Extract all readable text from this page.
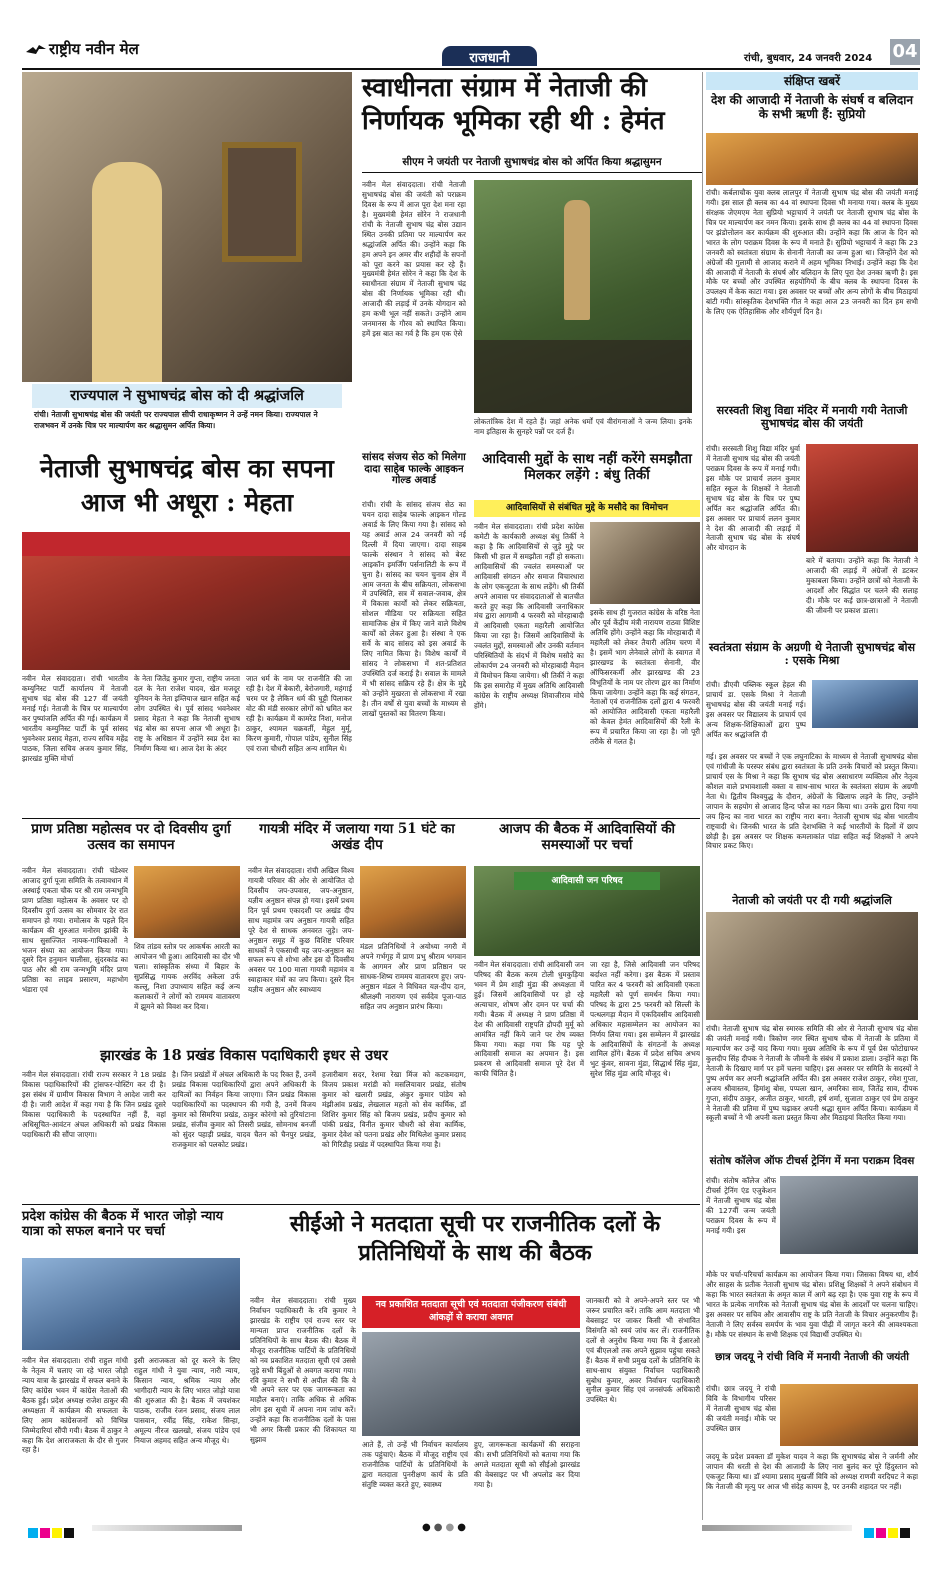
राष्ट्रीय नवीन मेल
राजधानी	रांची, बुधवार, 24 जनवरी 2024 04
राज्यपाल ने सुभाषचंद्र बोस को दी श्रद्धांजलि
रांची। नेताजी सुभाषचंद्र बोस की जयंती पर राज्यपाल सीपी राधाकृष्णन ने उन्हें नमन किया। राज्यपाल ने राजभवन में उनके चित्र पर माल्यार्पण कर श्रद्धासुमन अर्पित किया।
स्वाधीनता संग्राम में नेताजी की निर्णायक भूमिका रही थी : हेमंत
सीएम ने जयंती पर नेताजी सुभाषचंद्र बोस को अर्पित किया श्रद्धासुमन
नवीन मेल संवाददाता। रांची नेताजी सुभाषचंद्र बोस की जयंती को पराक्रम दिवस के रूप में आज पूरा देश मना रहा है। मुख्यमंत्री हेमंत सोरेन ने राजधानी रांची के नेताजी सुभाष चंद्र बोस उद्यान स्थित उनकी प्रतिमा पर माल्यार्पण कर श्रद्धांजलि अर्पित की। उन्होंने कहा कि हम अपने इन अमर वीर शहीदों के सपनों को पूरा करने का प्रयास कर रहे हैं। मुख्यमंत्री हेमंत सोरेन ने कहा कि देश के स्वाधीनता संग्राम में नेताजी सुभाष चंद्र बोस की निर्णायक भूमिका रही थी। आजादी की लड़ाई में उनके योगदान को हम कभी भूल नहीं सकते। उन्होंने आम जनमानस के गौरव को स्थापित किया। हमें इस बात का गर्व है कि हम एक ऐसे
लोकतांत्रिक देश में रहते हैं। जहां अनेक धर्मों एवं वीरांगनाओं ने जन्म लिया। इनके नाम इतिहास के सुनहरे पन्नों पर दर्ज हैं।
संक्षिप्त खबरें
देश की आजादी में नेताजी के संघर्ष व बलिदान के सभी ऋणी हैं: सुप्रियो
रांची। कर्बलाचौक युवा क्लब लालपुर में नेताजी सुभाष चंद्र बोस की जयंती मनाई गयी। इस साल ही क्लब का 44 वां स्थापना दिवस भी मनाया गया। क्लब के मुख्य संरक्षक जेएमएम नेता सुप्रियो भट्टाचार्य ने जयंती पर नेताजी सुभाष चंद्र बोस के चित्र पर माल्यार्पण कर नमन किया। इसके साथ ही क्लब का 44 वां स्थापना दिवस पर झंडोत्तोलन कर कार्यक्रम की शुरुआत की। उन्होंने कहा कि आज के दिन को भारत के लोग पराक्रम दिवस के रूप में मनाते हैं। सुप्रियो भट्टाचार्य ने कहा कि 23 जनवरी को स्वतंत्रता संग्राम के सेनानी नेताजी का जन्म हुआ था। जिन्होंने देश को अंग्रेजों की गुलामी से आजाद कराने में अहम भूमिका निभाई। उन्होंने कहा कि देश की आजादी में नेताजी के संघर्ष और बलिदान के लिए पूरा देश उनका ऋणी है। इस मौके पर बच्चों और उपस्थित सहयोगियों के बीच क्लब के स्थापना दिवस के उपलक्ष्य में केक काटा गया। इस अवसर पर बच्चों और अन्य लोगों के बीच मिठाइयां बांटी गयी। सांस्कृतिक देशभक्ति गीत ने कहा आज 23 जनवरी का दिन हम सभी के लिए एक ऐतिहासिक और शौर्यपूर्ण दिन है।
सरस्वती शिशु विद्या मंदिर में मनायी गयी नेताजी सुभाषचंद्र बोस की जयंती
रांची। सरस्वती शिशु विद्या मंदिर धुर्वा में नेताजी सुभाष चंद्र बोस की जयंती पराक्रम दिवस के रूप में मनाई गयी। इस मौके पर प्राचार्य ललन कुमार सहित स्कूल के शिक्षकों ने नेताजी सुभाष चंद्र बोस के चित्र पर पुष्प अर्पित कर श्रद्धांजलि अर्पित की। इस अवसर पर प्राचार्य ललन कुमार ने देश की आजादी की लड़ाई में नेताजी सुभाष चंद्र बोस के संघर्ष और योगदान के
बारे में बताया। उन्होंने कहा कि नेताजी ने आजादी की लड़ाई में अंग्रेजों से डटकर मुकाबला किया। उन्होंने छात्रों को नेताजी के आदर्शों और सिद्धांत पर चलने की सलाह दी। मौके पर कई छात्र-छात्राओं ने नेताजी की जीवनी पर प्रकाश डाला।
स्वतंत्रता संग्राम के अग्रणी थे नेताजी सुभाषचंद्र बोस : एसके मिश्रा
रांची। डीएवी पब्लिक स्कूल हेहल की प्राचार्य डा. एसके मिश्रा ने नेताजी सुभाषचंद्र बोस की जयंती मनाई गई। इस अवसर पर विद्यालय के प्राचार्य एवं अन्य शिक्षक-शिक्षिकाओं द्वारा पुष्प अर्पित कर श्रद्धांजलि दी
गई। इस अवसर पर बच्चों ने एक लघुनाटिका के माध्यम से नेताजी सुभाषचंद्र बोस एवं गांधीजी के परस्पर संबंध द्वारा स्वतंत्रता के प्रति उनके विचारों को प्रस्तुत किया। प्राचार्य एस के मिश्रा ने कहा कि सुभाष चंद्र बोस असाधारण व्यक्तित्व और नेतृत्व कौशल वाले प्रभावशाली वक्ता व साथ-साथ भारत के स्वतंत्रता संग्राम के अग्रणी नेता थे। द्वितीय विश्वयुद्ध के दौरान, अंग्रेजों के खिलाफ लड़ने के लिए, उन्होंने जापान के सहयोग से आजाद हिन्द फौज का गठन किया था। उनके द्वारा दिया गया जय हिन्द का नारा भारत का राष्ट्रीय नारा बना। नेताजी सुभाष चंद्र बोस भारतीय राष्ट्रवादी थे। जिनकी भारत के प्रति देशभक्ति ने कई भारतीयों के दिलों में छाप छोड़ी है। इस अवसर पर शिक्षक कमलाकांत पांडा सहित कई शिक्षकों ने अपने विचार प्रकट किए।
नेताजी को जयंती पर दी गयी श्रद्धांजलि
रांची। नेताजी सुभाष चंद्र बोस स्मारक समिति की ओर से नेताजी सुभाष चंद्र बोस की जयंती मनाई गयी। त्रिकोण नगर स्थित सुभाष चौक में नेताजी के प्रतिमा में माल्यार्पण कर उन्हें याद किया गया। मुख्य अतिथि के रूप में पूर्व प्रेस फोटोग्राफर कुलदीप सिंह दीपक ने नेताजी के जीवनी के संबंध में प्रकाश डाला। उन्होंने कहा कि नेताजी के दिखाए मार्ग पर हमें चलना चाहिए। इस अवसर पर समिति के सदस्यों ने पुष्प अर्पण कर अपनी श्रद्धांजलि अर्पित की। इस अवसर राजेश ठाकुर, रमेश गुप्ता, अजय श्रीवास्तव, हिमांशु बोस, पप्पला खान, अमरिका साव, जितेंद्र साव, दीपक गुप्ता, संदीप ठाकुर, अजीत ठाकुर, भारती, हर्ष शर्मा, सुजाता ठाकुर एवं प्रेम ठाकुर ने नेताजी की प्रतिमा में पुष्प चढ़ाकर अपनी श्रद्धा सुमन अर्पित किया। कार्यक्रम में स्कूली बच्चों ने भी अपनी कला प्रस्तुत किया और मिठाइयां वितरित किया गया।
संतोष कॉलेज ऑफ टीचर्स ट्रेनिंग में मना पराक्रम दिवस
रांची। संतोष कॉलेज ऑफ टीचर्स ट्रेनिंग एंड एजुकेशन में नेताजी सुभाष चंद्र बोस की 127वीं जन्म जयंती पराक्रम दिवस के रूप में मनाई गयी। इस
मौके पर चर्चा-परिचर्चा कार्यक्रम का आयोजन किया गया। जिसका विषय था, शौर्य और साहस के प्रतीक नेताजी सुभाष चंद्र बोस। प्रशिक्षु शिक्षकों ने अपने संबोधन में कहा कि भारत स्वतंत्रता के अमृत काल में आगे बढ़ रहा है। एक युवा राष्ट्र के रूप में भारत के प्रत्येक नागरिक को नेताजी सुभाष चंद्र बोस के आदर्शों पर चलना चाहिए। इस अवसर पर सचिव और आवासीय राष्ट्र के प्रति नेताजी के विचार अनुकरणीय हैं। नेताजी ने लिए सर्वस्व समर्पण के भाव युवा पीढ़ी में जागृत करने की आवश्यकता है। मौके पर संस्थान के सभी शिक्षक एवं विद्यार्थी उपस्थित थे।
छात्र जदयू ने रांची विवि में मनायी नेताजी की जयंती
रांची। छात्र जदयू ने रांची विवि के विभागीय परिसर में नेताजी सुभाष चंद्र बोस की जयंती मनाई। मौके पर उपस्थित छात्र
जदयू के प्रदेश प्रवक्ता डॉ मुकेश यादव ने कहा कि सुभाषचंद्र बोस ने जर्मनी और जापान की धरती से देश की आजादी के लिए नारा बुलंद कर पूरे हिंदुस्तान को एकजुट किया था। डॉ श्यामा प्रसाद मुखर्जी विवि को अध्यक्ष राणवी वरदिघट ने कहा कि नेताजी की मृत्यु पर आज भी संदेह कायम है, पर उनकी शहादत पर नहीं।
नेताजी सुभाषचंद्र बोस का सपना आज भी अधूरा : मेहता
नवीन मेल संवाददाता। रांची भारतीय कम्युनिस्ट पार्टी कार्यालय में नेताजी सुभाष चंद्र बोस की 127 वीं जयंती मनाई गई। नेताजी के चित्र पर माल्यार्पण कर पुष्पांजलि अर्पित की गई। कार्यक्रम में भारतीय कम्युनिस्ट पार्टी के पूर्व सांसद भुवनेश्वर प्रसाद मेहता, राज्य सचिव महेंद्र पाठक, जिला सचिव अजय कुमार सिंह, झारखंड मुक्ति मोर्चा
के नेता जितेंद्र कुमार गुप्ता, राष्ट्रीय जनता दल के नेता राजेश यादव, खेत मजदूर यूनियन के नेता इम्तियाज खान सहित कई लोग उपस्थित थे। पूर्व सांसद भवनेश्वर प्रसाद मेहता ने कहा कि नेताजी सुभाष चंद्र बोस का सपना आज भी अधूरा है। राष्ट्र के अधिष्ठान में उन्होंने स्वप्न देश का निर्माण किया था। आज देश के अंदर
जात धर्म के नाम पर राजनीति की जा रही है। देश में बेकारी, बेरोजगारी, महंगाई चरम पर है लेकिन धर्म की घुट्टी पिलाकर वोट की मंडी सरकार लोगों को भ्रमित कर रही है। कार्यक्रम में कामरेड निशा, मनोज ठाकुर, श्यामल चक्रवर्ती, मेहुल मुर्मू, किरण कुमारी, गोपाल पांडेय, सुनील सिंह एवं राजा चौधरी सहित अन्य शामिल थे।
सांसद संजय सेठ को मिलेगा दादा साहेब फाल्के आइकन गोल्ड अवार्ड
रांची। रांची के सांसद संजय सेठ का चयन दादा साहेब फाल्के आइकन गोल्ड अवार्ड के लिए किया गया है। सांसद को यह अवार्ड आज 24 जनवरी को नई दिल्ली में दिया जाएगा। दादा साहब फाल्के संस्थान ने सांसद को बेस्ट आइकॉन इमर्जिंग पर्सनालिटी के रूप में चुना है। सांसद का चयन चुनाव क्षेत्र में आम जनता के बीच सक्रियता, लोकसभा में उपस्थिति, सत्र में सवाल-जवाब, क्षेत्र में विकास कार्यों को लेकर सक्रियता, सोशल मीडिया पर सक्रियता सहित सामाजिक क्षेत्र में किए जाने वाले विशेष कार्यों को लेकर हुआ है। संस्था ने एक सर्वे के बाद सांसद को इस अवार्ड के लिए नामित किया है। विशेष कार्यों में सांसद ने लोकसभा में शत-प्रतिशत उपस्थिति दर्ज कराई है। सवाल के मामले में भी सांसद सक्रिय रहे हैं। क्षेत्र के मुद्दे को उन्होंने मुखरता से लोकसभा में रखा है। तीन वर्षों से युवा बच्चों के माध्यम से लाखों पुस्तकों का वितरण किया।
आदिवासी मुद्दों के साथ नहीं करेंगे समझौता मिलकर लड़ेंगे : बंधु तिर्की
आदिवासियों से संबंधित मुद्दे के मसौदे का विमोचन
नवीन मेल संवाददाता। रांची प्रदेश कांग्रेस कमेटी के कार्यकारी अध्यक्ष बंधु तिर्की ने कहा है कि आदिवासियों से जुड़े मुद्दे पर किसी भी हाल में समझौता नहीं हो सकता। आदिवासियों की ज्वलंत समस्याओं पर आदिवासी संगठन और समाज विचारधारा के लोग एकजुटता के साथ लड़ेंगे। श्री तिर्की अपने आवास पर संवाददाताओं से बातचीत करते हुए कहा कि आदिवासी जनाधिकार मंच द्वारा आगामी 4 फरवरी को मोरहाबादी में आदिवासी एकता महारैली आयोजित किया जा रहा है। जिसमें आदिवासियों के ज्वलंत मुद्दों, समस्याओं और उनकी वर्तमान परिस्थितियों के संदर्भ में विशेष मसौदे का लोकार्पण 24 जनवरी को मोरहाबादी मैदान में विमोचन किया जायेगा। श्री तिर्की ने कहा कि इस समारोह में मुख्य अतिथि आदिवासी कांग्रेस के राष्ट्रीय अध्यक्ष शिवाजीराव मोघे होंगे।
इसके साथ ही गुजरात कांग्रेस के वरिष्ठ नेता और पूर्व केंद्रीय मंत्री नारायण राठवा विशिष्ट अतिथि होंगे। उन्होंने कहा कि मोरहाबादी में महारैली को लेकर तैयारी अंतिम चरण में है। इसमें भाग लेनेवाले लोगों के स्वागत में झारखण्ड के स्वतंत्रता सेनानी, वीर ऑफिसरकर्मी और झारखण्ड की 23 विभूतियों के नाम पर तोरण द्वार का निर्माण किया जायेगा। उन्होंने कहा कि कई संगठन, नेताओं एवं राजनीतिक दलों द्वारा 4 फरवरी को आयोजित आदिवासी एकता महारैली को केवल हेमंत आदिवासियों की रैली के रूप में प्रचारित किया जा रहा है। जो पूरी तरीके से गलत है।
प्राण प्रतिष्ठा महोत्सव पर दो दिवसीय दुर्गा उत्सव का समापन
नवीन मेल संवाददाता। रांची चंडेश्वर आजाद दुर्गा पूजा समिति के तत्वावधान में अस्थाई एकता चौक पर श्री राम जन्मभूमि प्राण प्रतिष्ठा महोत्सव के अवसर पर दो दिवसीय दुर्गा उत्सव का सोमवार देर रात समापन हो गया। रामोत्सव के पहले दिन कार्यक्रम की शुरुआत मनोरम झांकी के साथ सुसज्जित नायक-गायिकाओं ने भजन संध्या का आयोजन किया गया। दूसरे दिन हनुमान चालीसा, सुंदरकांड का पाठ और श्री राम जन्मभूमि मंदिर प्राण प्रतिष्ठा का लाइव प्रसारण, महाभोग भंडारा एवं
शिव तांडव स्तोत्र पर आकर्षक आरती का आयोजन भी हुआ। आदिवासी का दौर भी चला। सांस्कृतिक संध्या में बिहार के सुप्रसिद्ध गायक अरविंद अकेला उर्फ कल्लू, निशा उपाध्याय सहित कई अन्य कलाकारों ने लोगों को राममय वातावरण में झूमने को विवश कर दिया।
गायत्री मंदिर में जलाया गया 51 घंटे का अखंड दीप
नवीन मेल संवाददाता। रांची अखिल विश्व गायत्री परिवार की ओर से आयोजित दो दिवसीय जप-उपवास, जप-अनुष्ठान, यज्ञीय अनुष्ठान संपन्न हो गया। इसमें प्रथम दिन पूर्व प्रथम एकादशी पर अखंड दीप साथ महामंत्र जप अनुष्ठान गायत्री सहित पूरे देश से साधक अनवरत जुड़े। जप-अनुष्ठान समूह में कुछ विशिष्ट परिवार साधकों ने एकसाथी यह जप-अनुष्ठान का सफल रूप से शोभा और इस दो दिवसीय अवसर पर 100 माला गायत्री महामंत्र व स्वाहाकार मंत्रों का जप किया। दूसरे दिन यज्ञीय अनुष्ठान और स्वाध्याय
मंडल प्रतिनिधियों ने अयोध्या नगरी में अपने गर्भगृह में प्राण प्रभु श्रीराम भगवान के आगमन और प्राण प्रतिष्ठान पर साधक-शिष्य राममय वातावरण हुए। जप-अनुष्ठान मंडल ने विधिवत यज्ञ-दीप दान, श्रीलक्ष्मी नारायण एवं सर्वदेव पूजा-पाठ सहित जप अनुष्ठान प्रारंभ किया।
आजप की बैठक में आदिवासियों की समस्याओं पर चर्चा
आदिवासी जन परिषद
नवीन मेल संवाददाता। रांची आदिवासी जन परिषद की बैठक करम टोली धुमकुड़िया भवन में प्रेम शाही मुंडा की अध्यक्षता में हुई। जिसमें आदिवासियों पर हो रहे अत्याचार, शोषण और दमन पर चर्चा की गयी। बैठक में अध्यक्ष ने प्राण प्रतिष्ठा में देश की आदिवासी राष्ट्रपति द्रौपदी मुर्मू को आमंत्रित नहीं किये जाने पर रोष व्यक्त किया गया। कहा गया कि यह पूरे आदिवासी समाज का अपमान है। इस प्रकरण से आदिवासी समाज पूरे देश में काफी चिंतित है।
जा रहा है, जिसे आदिवासी जन परिषद बर्दाश्त नहीं करेगा। इस बैठक में प्रस्ताव पारित कर 4 फरवरी को आदिवासी एकता महारैली को पूर्ण समर्थन किया गया। परिषद के द्वारा 25 फरवरी को सिल्ली के पत्थलगड़ा मैदान में एकदिवसीय आदिवासी अधिकार महासम्मेलन का आयोजन का निर्णय लिया गया। इस सम्मेलन में झारखंड के आदिवासियों के संगठनों के अध्यक्ष शामिल होंगे। बैठक में प्रदेश सचिव अभय भुट कुंवर, सावना मुंडा, सिद्धार्थ सिंह मुंडा, सुरेश सिंह मुंडा आदि मौजूद थे।
झारखंड के 18 प्रखंड विकास पदाधिकारी इधर से उधर
नवीन मेल संवाददाता। रांची राज्य सरकार ने 18 प्रखंड विकास पदाधिकारियों की ट्रांसफर-पोस्टिंग कर दी है। इस संबंध में ग्रामीण विकास विभाग ने आदेश जारी कर दी है। जारी आदेश में कहा गया है कि जिन प्रखंड दूसरे विकास पदाधिकारी के पदस्थापित नहीं हैं, वहां अधिसूचित-आवंटन अंचल अधिकारी को प्रखंड विकास पदाधिकारी की सौंपा जाएगा।
है। जिन प्रखंडों में अंचल अधिकारी के पद रिक्त हैं, उनमें प्रखंड विकास पदाधिकारियों द्वारा अपने अधिकारी के दायित्वों का निर्वहन किया जाएगा। जिन प्रखंड विकास पदाधिकारियों का पदस्थापन की गयी है, उनमें विजय कुमार को सिमरिया प्रखंड, ठाकुर कोरंगो को तुरियांटाना प्रखंड, संजीव कुमार को तिसरी प्रखंड, सोमनाथ बनर्जी को सुंदर पहाड़ी प्रखंड, यादव चैतन को चैनपुर प्रखंड, राजकुमार को पलकोट प्रखंड।
हजारीबाग सदर, रेशमा रेखा मिंज को कटकमदाग, विजय प्रकाश मरांडी को मसलियावार प्रखंड, संतोष कुमार को खलारी प्रखंड, अंकुर कुमार पांडेय को मंझीआंव प्रखंड, लेखलाल महतो को सेव कार्मिक, डॉ शिशिर कुमार सिंह को बिजय प्रखंड, प्रदीप कुमार को पांकी प्रखंड, विनीत कुमार चौधरी को सेवा कार्मिक, कुमार देवेश को पतना प्रखंड और मिथिलेश कुमार प्रसाद को गिरिडीह प्रखंड में पदस्थापित किया गया है।
प्रदेश कांग्रेस की बैठक में भारत जोड़ो न्याय यात्रा को सफल बनाने पर चर्चा
नवीन मेल संवाददाता। रांची राहुल गांधी के नेतृत्व में चलाए जा रहे भारत जोड़ो न्याय यात्रा के झारखंड में सफल बनाने के लिए कांग्रेस भवन में कांग्रेस नेताओं की बैठक हुई। प्रदेश अध्यक्ष राजेश ठाकुर की अध्यक्षता में कार्यक्रम की सफलता के लिए आम कांग्रेसजनों को विभिन्न जिम्मेदारियां सौंपी गयी। बैठक में ठाकुर ने कहा कि देश आराजकता के दौर से गुजर रहा है।
इसी अराजकता को दूर करने के लिए राहुल गांधी ने युवा न्याय, नारी न्याय, किसान न्याय, श्रमिक न्याय और भागीदारी न्याय के लिए भारत जोड़ो यात्रा की शुरुआत की है। बैठक में जयशंकर पाठक, राजीव रंजन प्रसाद, संजय लाल पासवान, रवींद्र सिंह, राकेश सिन्हा, अमूल्य नीरज खलखो, संजय पांडेय एवं नियाज अहमद सहित अन्य मौजूद थे।
सीईओ ने मतदाता सूची पर राजनीतिक दलों के प्रतिनिधियों के साथ की बैठक
नवीन मेल संवाददाता। रांची मुख्य निर्वाचन पदाधिकारी के रवि कुमार ने झारखंड के राष्ट्रीय एवं राज्य स्तर पर मान्यता प्राप्त राजनीतिक दलों के प्रतिनिधियों के साथ बैठक की। बैठक में मौजूद राजनीतिक पार्टियों के प्रतिनिधियों को नव प्रकाशित मतदाता सूची एवं उससे जुड़े सभी बिंदुओं से अवगत कराया गया। रवि कुमार ने सभी से अपील की कि वे भी अपने स्तर पर एक जागरूकता का माहौल बनाएं। ताकि अधिक से अधिक लोग इस सूची में अपना नाम जांच करें। उन्होंने कहा कि राजनीतिक दलों के पास भी अगर किसी प्रकार की शिकायत या सुझाव
नव प्रकाशित मतदाता सूची एवं मतदाता पंजीकरण संबंधी आंकड़ों से कराया अवगत
आते हैं, तो उन्हें भी निर्वाचन कार्यालय तक पहुंचाएं। बैठक में मौजूद राष्ट्रीय एवं राजनीतिक पार्टियों के प्रतिनिधियों के द्वारा मतदाता पुनरीक्षण कार्य के प्रति संतुष्टि व्यक्त करते हुए, स्वास्थ्य
हुए, जागरूकता कार्यक्रमों की सराहना की। सभी प्रतिनिधियों को बताया गया कि अगले मतदाता सूची को सीईओ झारखंड की वेबसाइट पर भी अपलोड कर दिया गया है।
जानकारी को वे अपने-अपने स्तर पर भी जरूर प्रचारित करें। ताकि आम मतदाता भी वेबसाइट पर जाकर किसी भी संभावित विसंगति को स्वयं जांच कर लें। राजनीतिक दलों से अनुरोध किया गया कि वे ईआरओ एवं बीएलओ तक अपने सुझाव पहुंचा सकते हैं। बैठक में सभी प्रमुख दलों के प्रतिनिधि के साथ-साथ संयुक्त निर्वाचन पदाधिकारी सुबोध कुमार, अवर निर्वाचन पदाधिकारी सुनील कुमार सिंह एवं जनसंपर्क अधिकारी उपस्थित थे।
●●●●
